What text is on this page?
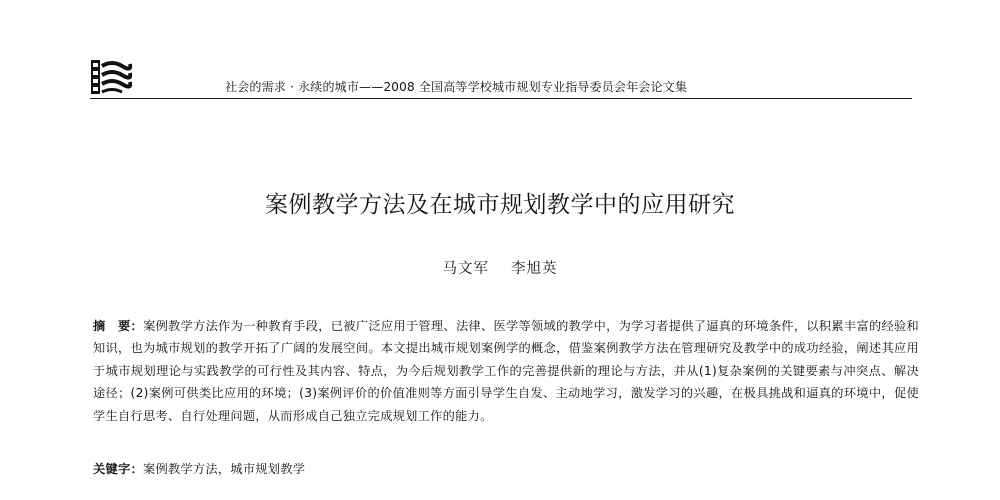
社会的需求 · 永续的城市——2008 全国高等学校城市规划专业指导委员会年会论文集
案例教学方法及在城市规划教学中的应用研究
马文军 李旭英
摘　要：案例教学方法作为一种教育手段，已被广泛应用于管理、法律、医学等领域的教学中，为学习者提供了逼真的环境条件，以积累丰富的经验和知识，也为城市规划的教学开拓了广阔的发展空间。本文提出城市规划案例学的概念，借鉴案例教学方法在管理研究及教学中的成功经验，阐述其应用于城市规划理论与实践教学的可行性及其内容、特点，为今后规划教学工作的完善提供新的理论与方法，并从(1)复杂案例的关键要素与冲突点、解决途径；(2)案例可供类比应用的环境；(3)案例评价的价值准则等方面引导学生自发、主动地学习，激发学习的兴趣，在极具挑战和逼真的环境中，促使学生自行思考、自行处理问题，从而形成自己独立完成规划工作的能力。
关键字：案例教学方法，城市规划教学
